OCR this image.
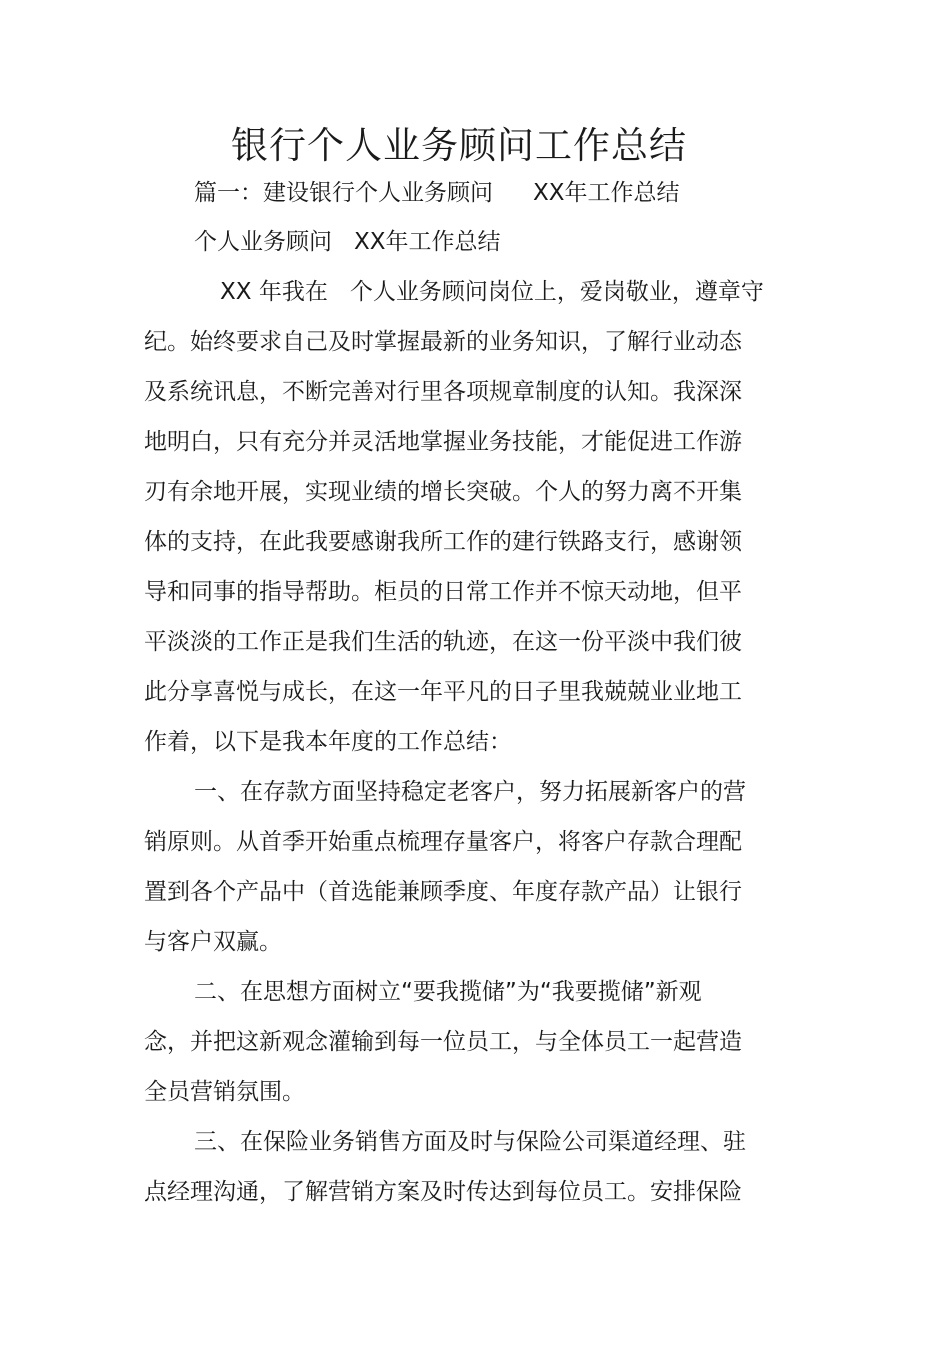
银行个人业务顾问工作总结

篇一：建设银行个人业务顾问 XX年工作总结

个人业务顾问 XX年工作总结

XX 年我在 个人业务顾问岗位上，爱岗敬业，遵章守

纪。始终要求自己及时掌握最新的业务知识，了解行业动态

及系统讯息，不断完善对行里各项规章制度的认知。我深深

地明白，只有充分并灵活地掌握业务技能，才能促进工作游

刃有余地开展，实现业绩的增长突破。个人的努力离不开集

体的支持，在此我要感谢我所工作的建行铁路支行，感谢领

导和同事的指导帮助。柜员的日常工作并不惊天动地，但平

平淡淡的工作正是我们生活的轨迹，在这一份平淡中我们彼

此分享喜悦与成长，在这一年平凡的日子里我兢兢业业地工

作着，以下是我本年度的工作总结：

一、在存款方面坚持稳定老客户，努力拓展新客户的营

销原则。从首季开始重点梳理存量客户，将客户存款合理配

置到各个产品中（首选能兼顾季度、年度存款产品）让银行

与客户双赢。

二、在思想方面树立“要我揽储”为“我要揽储”新观

念，并把这新观念灌输到每一位员工，与全体员工一起营造

全员营销氛围。

三、在保险业务销售方面及时与保险公司渠道经理、驻

点经理沟通，了解营销方案及时传达到每位员工。安排保险
